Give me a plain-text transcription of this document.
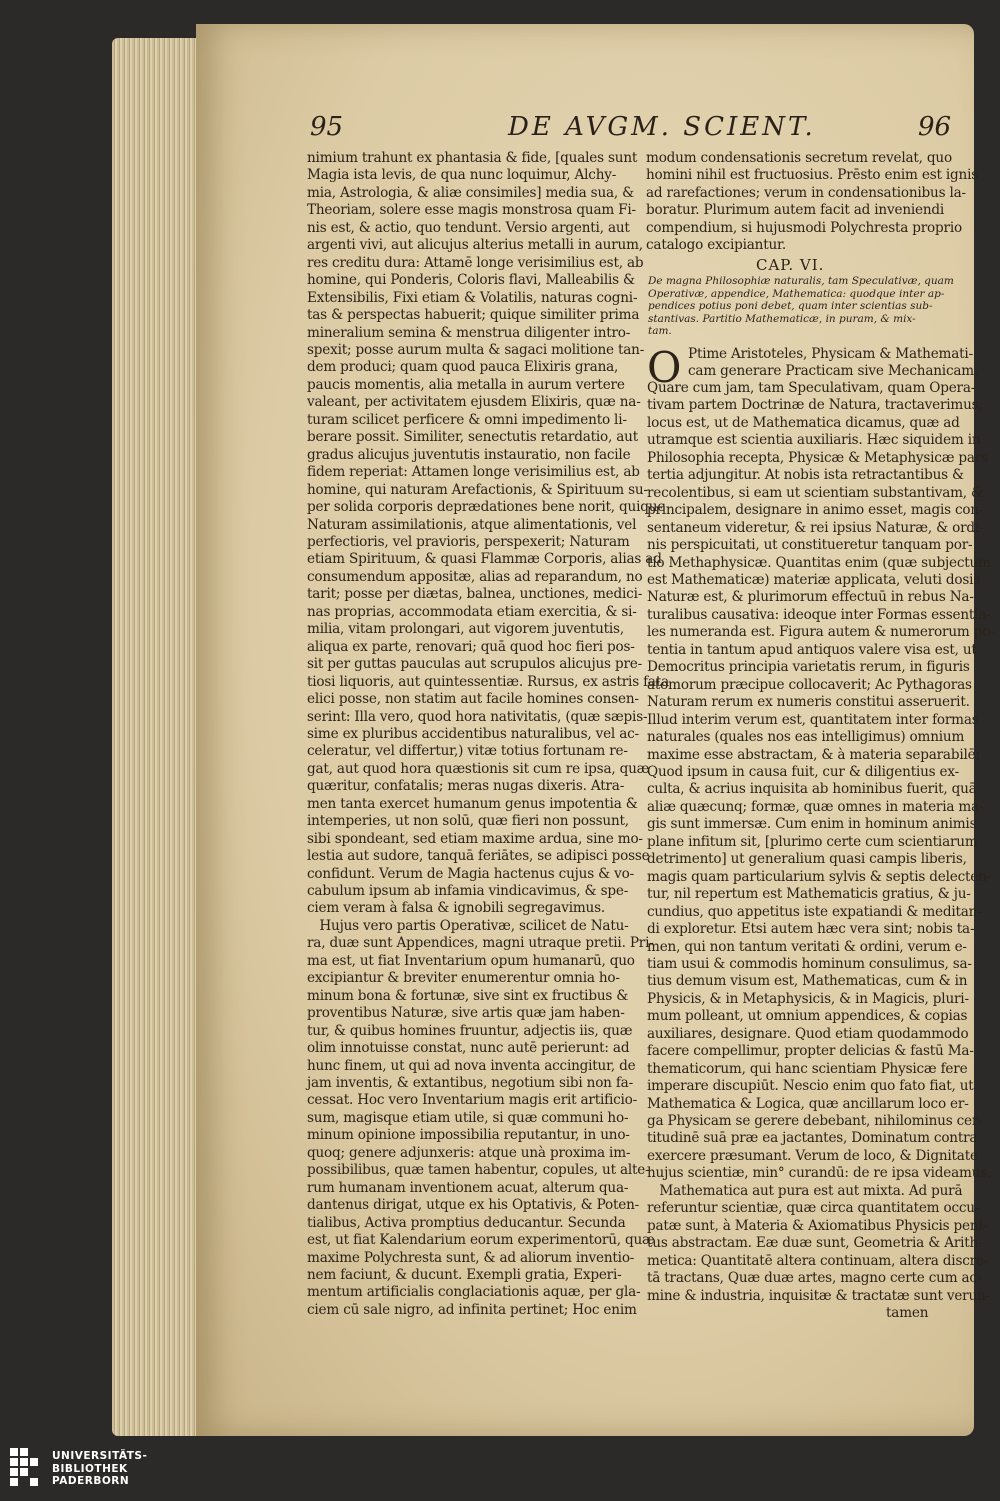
95	DE AVGM. SCIENT.	96
nimium trahunt ex phantasia & fide, [quales sunt
Magia ista levis, de qua nunc loquimur, Alchy-
mia, Astrologia, & aliæ consimiles] media sua, &
Theoriam, solere esse magis monstrosa quam Fi-
nis est, & actio, quo tendunt. Versio argenti, aut
argenti vivi, aut alicujus alterius metalli in aurum,
res creditu dura: Attamē longe verisimilius est, ab
homine, qui Ponderis, Coloris flavi, Malleabilis &
Extensibilis, Fixi etiam & Volatilis, naturas cogni-
tas & perspectas habuerit; quique similiter prima
mineralium semina & menstrua diligenter intro-
spexit; posse aurum multa & sagaci molitione tan-
dem produci; quam quod pauca Elixiris grana,
paucis momentis, alia metalla in aurum vertere
valeant, per activitatem ejusdem Elixiris, quæ na-
turam scilicet perficere & omni impedimento li-
berare possit. Similiter, senectutis retardatio, aut
gradus alicujus juventutis instauratio, non facile
fidem reperiat: Attamen longe verisimilius est, ab
homine, qui naturam Arefactionis, & Spirituum
per solida corporis deprædationes bene norit,
Naturam assimilationis, atque alimentationis, vel
perfectioris, vel pravioris, perspexerit; Naturam
etiam Spirituum, & quasi Flammæ Corporis, alias
consumendum appositæ, alias ad reparandum, no
tarit; posse per diætas, balnea, unctiones, medici-
nas proprias, accommodata etiam exercitia, & si-
milia, vitam prolongari, aut vigorem juventutis,
aliqua ex parte, renovari; quā quod hoc fieri pos-
sit per guttas pauculas aut scrupulos alicujus pre-
tiosi liquoris, aut quintessentiæ. Rursus, ex astris
elici posse, non statim aut facile homines consen-
serint: Illa vero, quod hora nativitatis, (quæ sæpis-
sime ex pluribus accidentibus naturalibus, vel ac-
celeratur, vel differtur,) vitæ totius fortunam re-
gat, aut quod hora quæstionis sit cum re ipsa, quæ
quæritur, confatalis; meras nugas dixeris. Atra-
men tanta exercet humanum genus impotentia &
intemperies, ut non solū, quæ fieri non possunt,
sibi spondeant, sed etiam maxime ardua, sine mo-
lestia aut sudore, tanquā feriātes, se adipisci posse
confidunt. Verum de Magia hactenus cujus & vo-
cabulum ipsum ab infamia vindicavimus, & spe-
ciem veram à falsa & ignobili segregavimus.
Hujus vero partis Operativæ, scilicet de Natu-
ra, duæ sunt Appendices, magni utraque pretii.
ma est, ut fiat Inventarium opum humanarū, quo
excipiantur & breviter enumerentur omnia ho-
minum bona & fortunæ, sive sint ex fructibus &
proventibus Naturæ, sive artis quæ jam haben-
tur, & quibus homines fruuntur, adjectis iis, quæ
olim innotuisse constat, nunc autē perierunt: ad
hunc finem, ut qui ad nova inventa accingitur, de
jam inventis, & extantibus, negotium sibi non fa-
cessat. Hoc vero Inventarium magis erit artificio-
sum, magisque etiam utile, si quæ communi ho-
minum opinione impossibilia reputantur, in uno-
quoq; genere adjunxeris: atque unà proxima im-
possibilibus, quæ tamen habentur, copules, ut alte-
rum humanam inventionem acuat, alterum qua-
dantenus dirigat, utque ex his Optativis, & Poten-
tialibus, Activa promptius deducantur. Secunda
est, ut fiat Kalendarium eorum experimentorū,
maxime Polychresta sunt, & ad aliorum inventio-
nem faciunt, & ducunt. Exempli gratia, Experi-
mentum artificialis conglaciationis aquæ, per gla-
ciem cū sale nigro, ad infinita pertinet; Hoc enim
modum condensationis secretum revelat, quo
homini nihil est fructuosius. Prēsto enim est ignis
ad rarefactiones; verum in condensationibus la-
boratur. Plurimum autem facit ad inveniendi
compendium, si hujusmodi Polychresta proprio
catalogo excipiantur.
CAP. VI.
De magna Philosophiæ naturalis, tam Speculativæ, quam
Operativæ, appendice, Mathematica: quodque inter ap-
pendices potius poni debet, quam inter scientias sub-
stantivas. Partitio Mathematicæ, in puram, & mix-
tam.
O Ptime Aristoteles, Physicam & Mathemati-
cam generare Practicam sive Mechanicam.
Quare cum jam, tam Speculativam, quam Opera-
tivam partem Doctrinæ de Natura, tractaverimus,
locus est, ut de Mathematica dicamus, quæ ad
utramque est scientia auxiliaris. Hæc siquidem in
Philosophia recepta, Physicæ & Metaphysicæ pars
tertia adjungitur. At nobis ista retractantibus &
recolentibus, si eam ut scientiam substantivam, &
principalem, designare in animo esset, magis con-
sentaneum videretur, & rei ipsius Naturæ, & ordi-
nis perspicuitati, ut constitueretur tanquam por-
tio Methaphysicæ. Quantitas enim (quæ subjectum
est Mathematicæ) materiæ applicata, veluti dosis
Naturæ est, & plurimorum effectuū in rebus Na-
turalibus causativa: ideoque inter Formas essentia-
les numeranda est. Figura autem & numerorum po-
tentia in tantum apud antiquos valere visa est, ut
Democritus principia varietatis rerum, in figuris
atomorum præcipue collocaverit; Ac Pythagoras
Naturam rerum ex numeris constitui asseruerit.
Illud interim verum est, quantitatem inter formas
naturales (quales nos eas intelligimus) omnium
maxime esse abstractam, & à materia separabilē;
Quod ipsum in causa fuit, cur & diligentius ex-
culta, & acrius inquisita ab hominibus fuerit, quā
aliæ quæcunq; formæ, quæ omnes in materia ma-
gis sunt immersæ. Cum enim in hominum animis
plane infitum sit, [plurimo certe cum scientiarum
detrimento] ut generalium quasi campis liberis,
magis quam particularium sylvis & septis delecten-
tur, nil repertum est Mathematicis gratius, & ju-
cundius, quo appetitus iste expatiandi & meditan-
di exploretur. Etsi autem hæc vera sint; nobis ta-
men, qui non tantum veritati & ordini, verum e-
tiam usui & commodis hominum consulimus, sa-
tius demum visum est, Mathematicas, cum & in
Physicis, & in Metaphysicis, & in Magicis, pluri-
mum polleant, ut omnium appendices, & copias
auxiliares, designare. Quod etiam quodammodo
facere compellimur, propter delicias & fastū Ma-
thematicorum, qui hanc scientiam Physicæ fere
imperare discupiūt. Nescio enim quo fato fiat, ut
Mathematica & Logica, quæ ancillarum loco er-
ga Physicam se gerere debebant, nihilominus cer-
titudinē suā præ ea jactantes, Dominatum contra
exercere præsumant. Verum de loco, & Dignitate
hujus scientiæ, min° curandū: de re ipsa videamus.
Mathematica aut pura est aut mixta. Ad purā
referuntur scientiæ, quæ circa quantitatem occu-
patæ sunt, à Materia & Axiomatibus Physicis peni-
tus abstractam. Eæ duæ sunt, Geometria & Arith-
metica: Quantitatē altera continuam, altera discre-
tā tractans, Quæ duæ artes, magno certe cum ac-
mine & industria, inquisitæ & tractatæ sunt verun-
tamen
UNIVERSITÄTS-
BIBLIOTHEK
PADERBORN
